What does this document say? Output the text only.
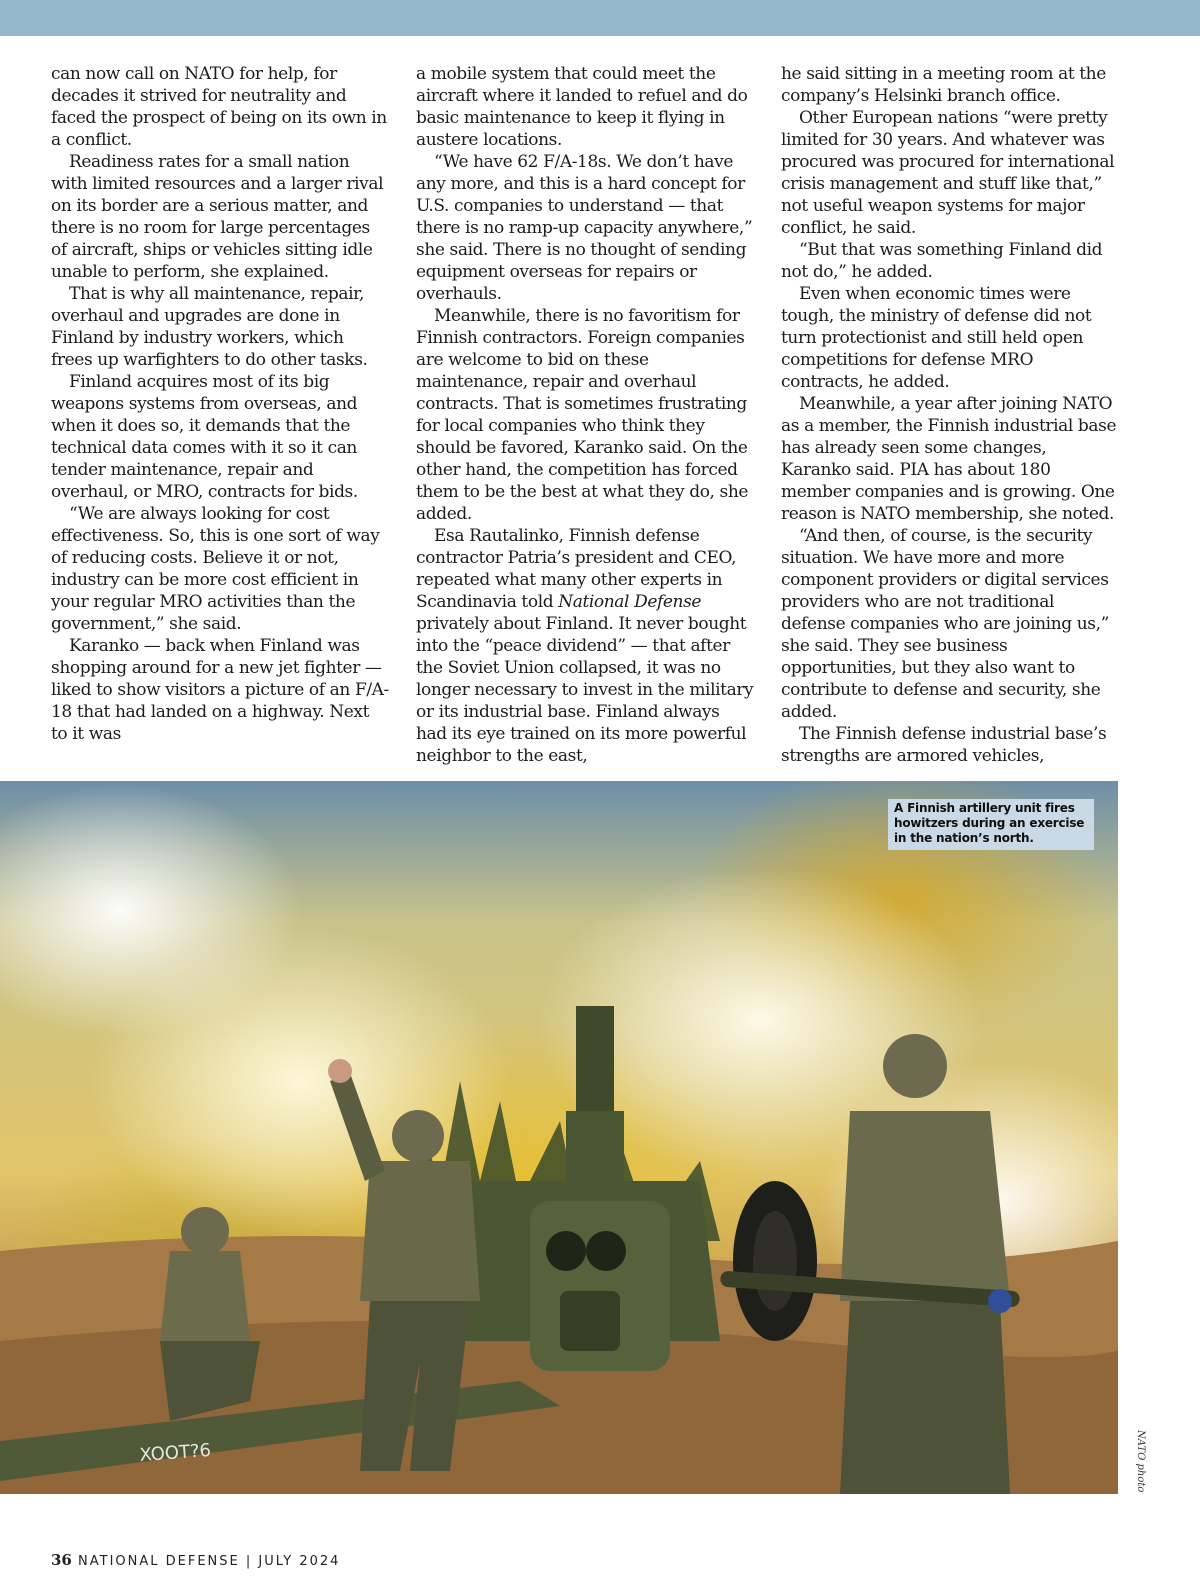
can now call on NATO for help, for decades it strived for neutrality and faced the prospect of being on its own in a conflict.

Readiness rates for a small nation with limited resources and a larger rival on its border are a serious matter, and there is no room for large percentages of aircraft, ships or vehicles sitting idle unable to perform, she explained.

That is why all maintenance, repair, overhaul and upgrades are done in Finland by industry workers, which frees up warfighters to do other tasks.

Finland acquires most of its big weapons systems from overseas, and when it does so, it demands that the technical data comes with it so it can tender maintenance, repair and overhaul, or MRO, contracts for bids.

“We are always looking for cost effectiveness. So, this is one sort of way of reducing costs. Believe it or not, industry can be more cost efficient in your regular MRO activities than the government,” she said.

Karanko — back when Finland was shopping around for a new jet fighter — liked to show visitors a picture of an F/A-18 that had landed on a highway. Next to it was

a mobile system that could meet the aircraft where it landed to refuel and do basic maintenance to keep it flying in austere locations.

“We have 62 F/A-18s. We don’t have any more, and this is a hard concept for U.S. companies to understand — that there is no ramp-up capacity anywhere,” she said. There is no thought of sending equipment overseas for repairs or overhauls.

Meanwhile, there is no favoritism for Finnish contractors. Foreign companies are welcome to bid on these maintenance, repair and overhaul contracts. That is sometimes frustrating for local companies who think they should be favored, Karanko said. On the other hand, the competition has forced them to be the best at what they do, she added.

Esa Rautalinko, Finnish defense contractor Patria’s president and CEO, repeated what many other experts in Scandinavia told National Defense privately about Finland. It never bought into the “peace dividend” — that after the Soviet Union collapsed, it was no longer necessary to invest in the military or its industrial base. Finland always had its eye trained on its more powerful neighbor to the east,

he said sitting in a meeting room at the company’s Helsinki branch office.

Other European nations “were pretty limited for 30 years. And whatever was procured was procured for international crisis management and stuff like that,” not useful weapon systems for major conflict, he said.

“But that was something Finland did not do,” he added.

Even when economic times were tough, the ministry of defense did not turn protectionist and still held open competitions for defense MRO contracts, he added.

Meanwhile, a year after joining NATO as a member, the Finnish industrial base has already seen some changes, Karanko said. PIA has about 180 member companies and is growing. One reason is NATO membership, she noted.

“And then, of course, is the security situation. We have more and more component providers or digital services providers who are not traditional defense companies who are joining us,” she said. They see business opportunities, but they also want to contribute to defense and security, she added.

The Finnish defense industrial base’s strengths are armored vehicles,

XOOT?6
A Finnish artillery unit fires howitzers during an exercise in the nation’s north.
NATO photo
36 NATIONAL DEFENSE | JULY 2024
